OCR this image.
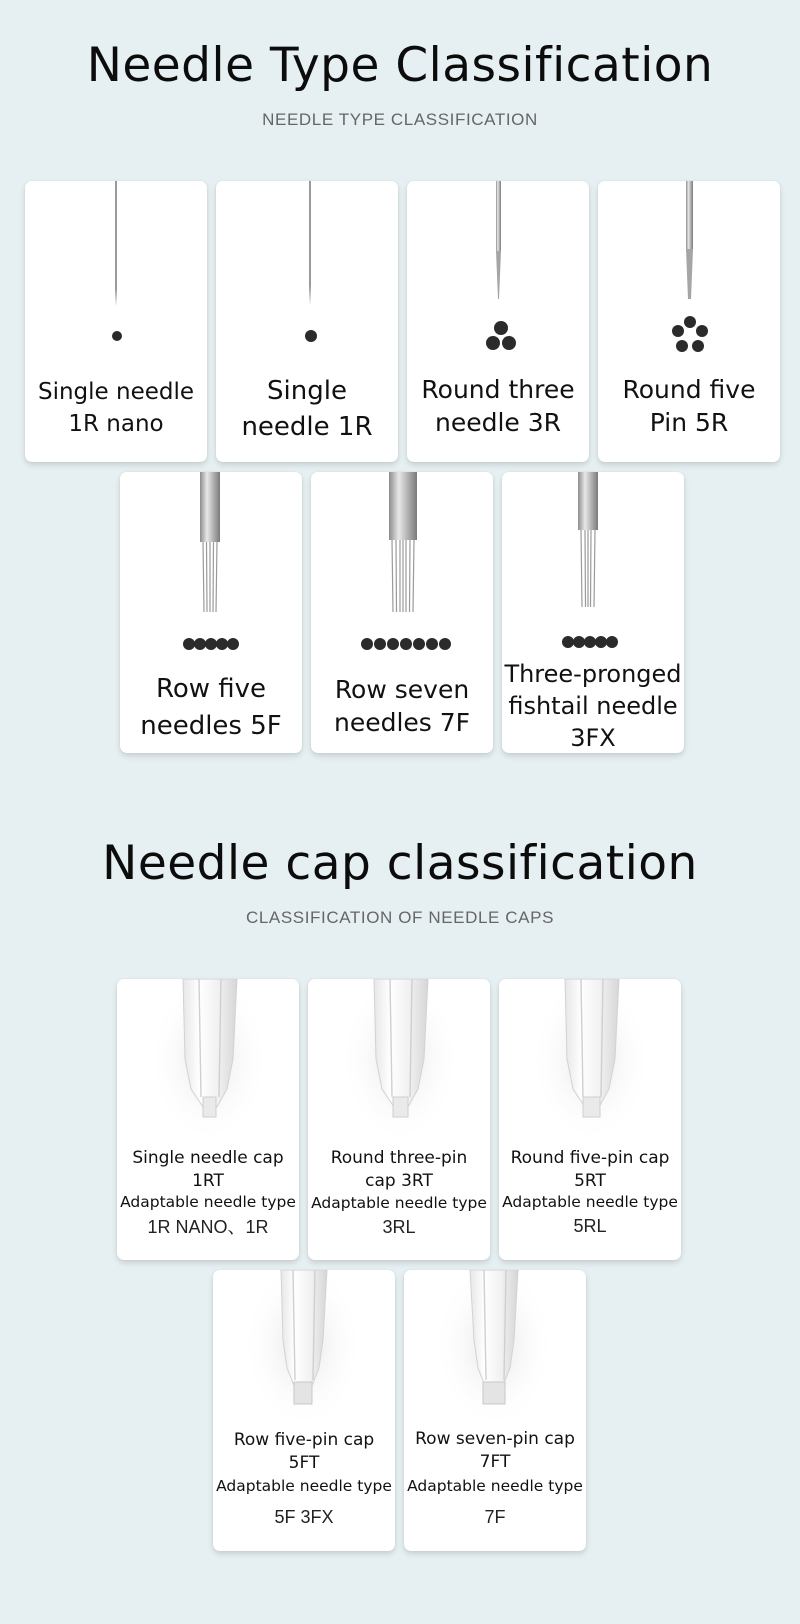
Needle Type Classification
NEEDLE TYPE CLASSIFICATION
Single needle 1R nano
Single needle 1R
Round three needle 3R
Round five Pin 5R
Row five needles 5F
Row seven needles 7F
Three-pronged fishtail needle 3FX
Needle cap classification
CLASSIFICATION OF NEEDLE CAPS
Single needle cap 1RT
Adaptable needle type
1R NANO、1R
Round three-pin cap 3RT
Adaptable needle type
3RL
Round five-pin cap 5RT
Adaptable needle type
5RL
Row five-pin cap 5FT
Adaptable needle type
5F 3FX
Row seven-pin cap 7FT
Adaptable needle type
7F
